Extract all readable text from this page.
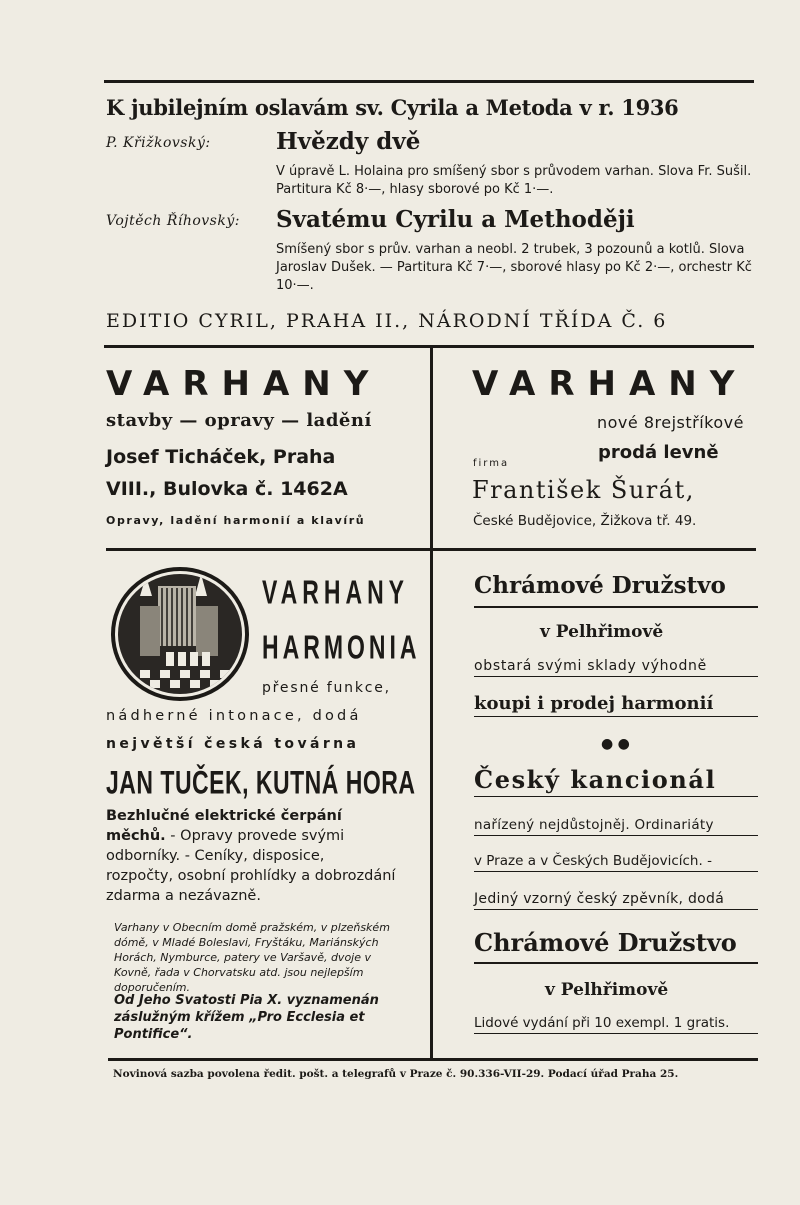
K jubilejním oslavám sv. Cyrila a Metoda v r. 1936
P. Křižkovský:	Hvězdy dvě
V úpravě L. Holaina pro smíšený sbor s průvodem varhan. Slova Fr. Sušil. Partitura Kč 8·—, hlasy sborové po Kč 1·—.
Vojtěch Říhovský: Svatému Cyrilu a Methoději
Smíšený sbor s prův. varhan a neobl. 2 trubek, 3 pozounů a kotlů. Slova Jaroslav Dušek. — Partitura Kč 7·—, sborové hlasy po Kč 2·—, orchestr Kč 10·—.
EDITIO CYRIL, PRAHA II., NÁRODNÍ TŘÍDA Č. 6
VARHANY
stavby — opravy — ladění
Josef Ticháček, Praha
VIII., Bulovka č. 1462A
Opravy, ladění harmonií a klavírů
VARHANY
nové 8rejstříkové
prodá levně
firma
František Šurát,
České Budějovice, Žižkova tř. 49.
VARHANY
HARMONIA
přesné funkce,
nádherné intonace, dodá
největší česká továrna
JAN TUČEK, KUTNÁ HORA
Bezhlučné elektrické čerpání měchů. - Opravy provede svými odborníky. - Ceníky, disposice, rozpočty, osobní prohlídky a dobrozdání zdarma a nezávazně.
Varhany v Obecním domě pražském, v plzeňském dómě, v Mladé Boleslavi, Fryštáku, Mariánských Horách, Nymburce, patery ve Varšavě, dvoje v Kovně, řada v Chorvatsku atd. jsou nejlepším doporučením.
Od Jeho Svatosti Pia X. vyznamenán záslužným křížem „Pro Ecclesia et Pontifice“.
Chrámové Družstvo
v Pelhřimově
obstará svými sklady výhodně
koupi i prodej harmonií
● ●
Český kancionál
nařízený nejdůstojněj. Ordinariáty
v Praze a v Českých Budějovicích. -
Jediný vzorný český zpěvník, dodá
Chrámové Družstvo
v Pelhřimově
Lidové vydání při 10 exempl. 1 gratis.
Novinová sazba povolena ředit. pošt. a telegrafů v Praze č. 90.336-VII-29. Podací úřad Praha 25.
